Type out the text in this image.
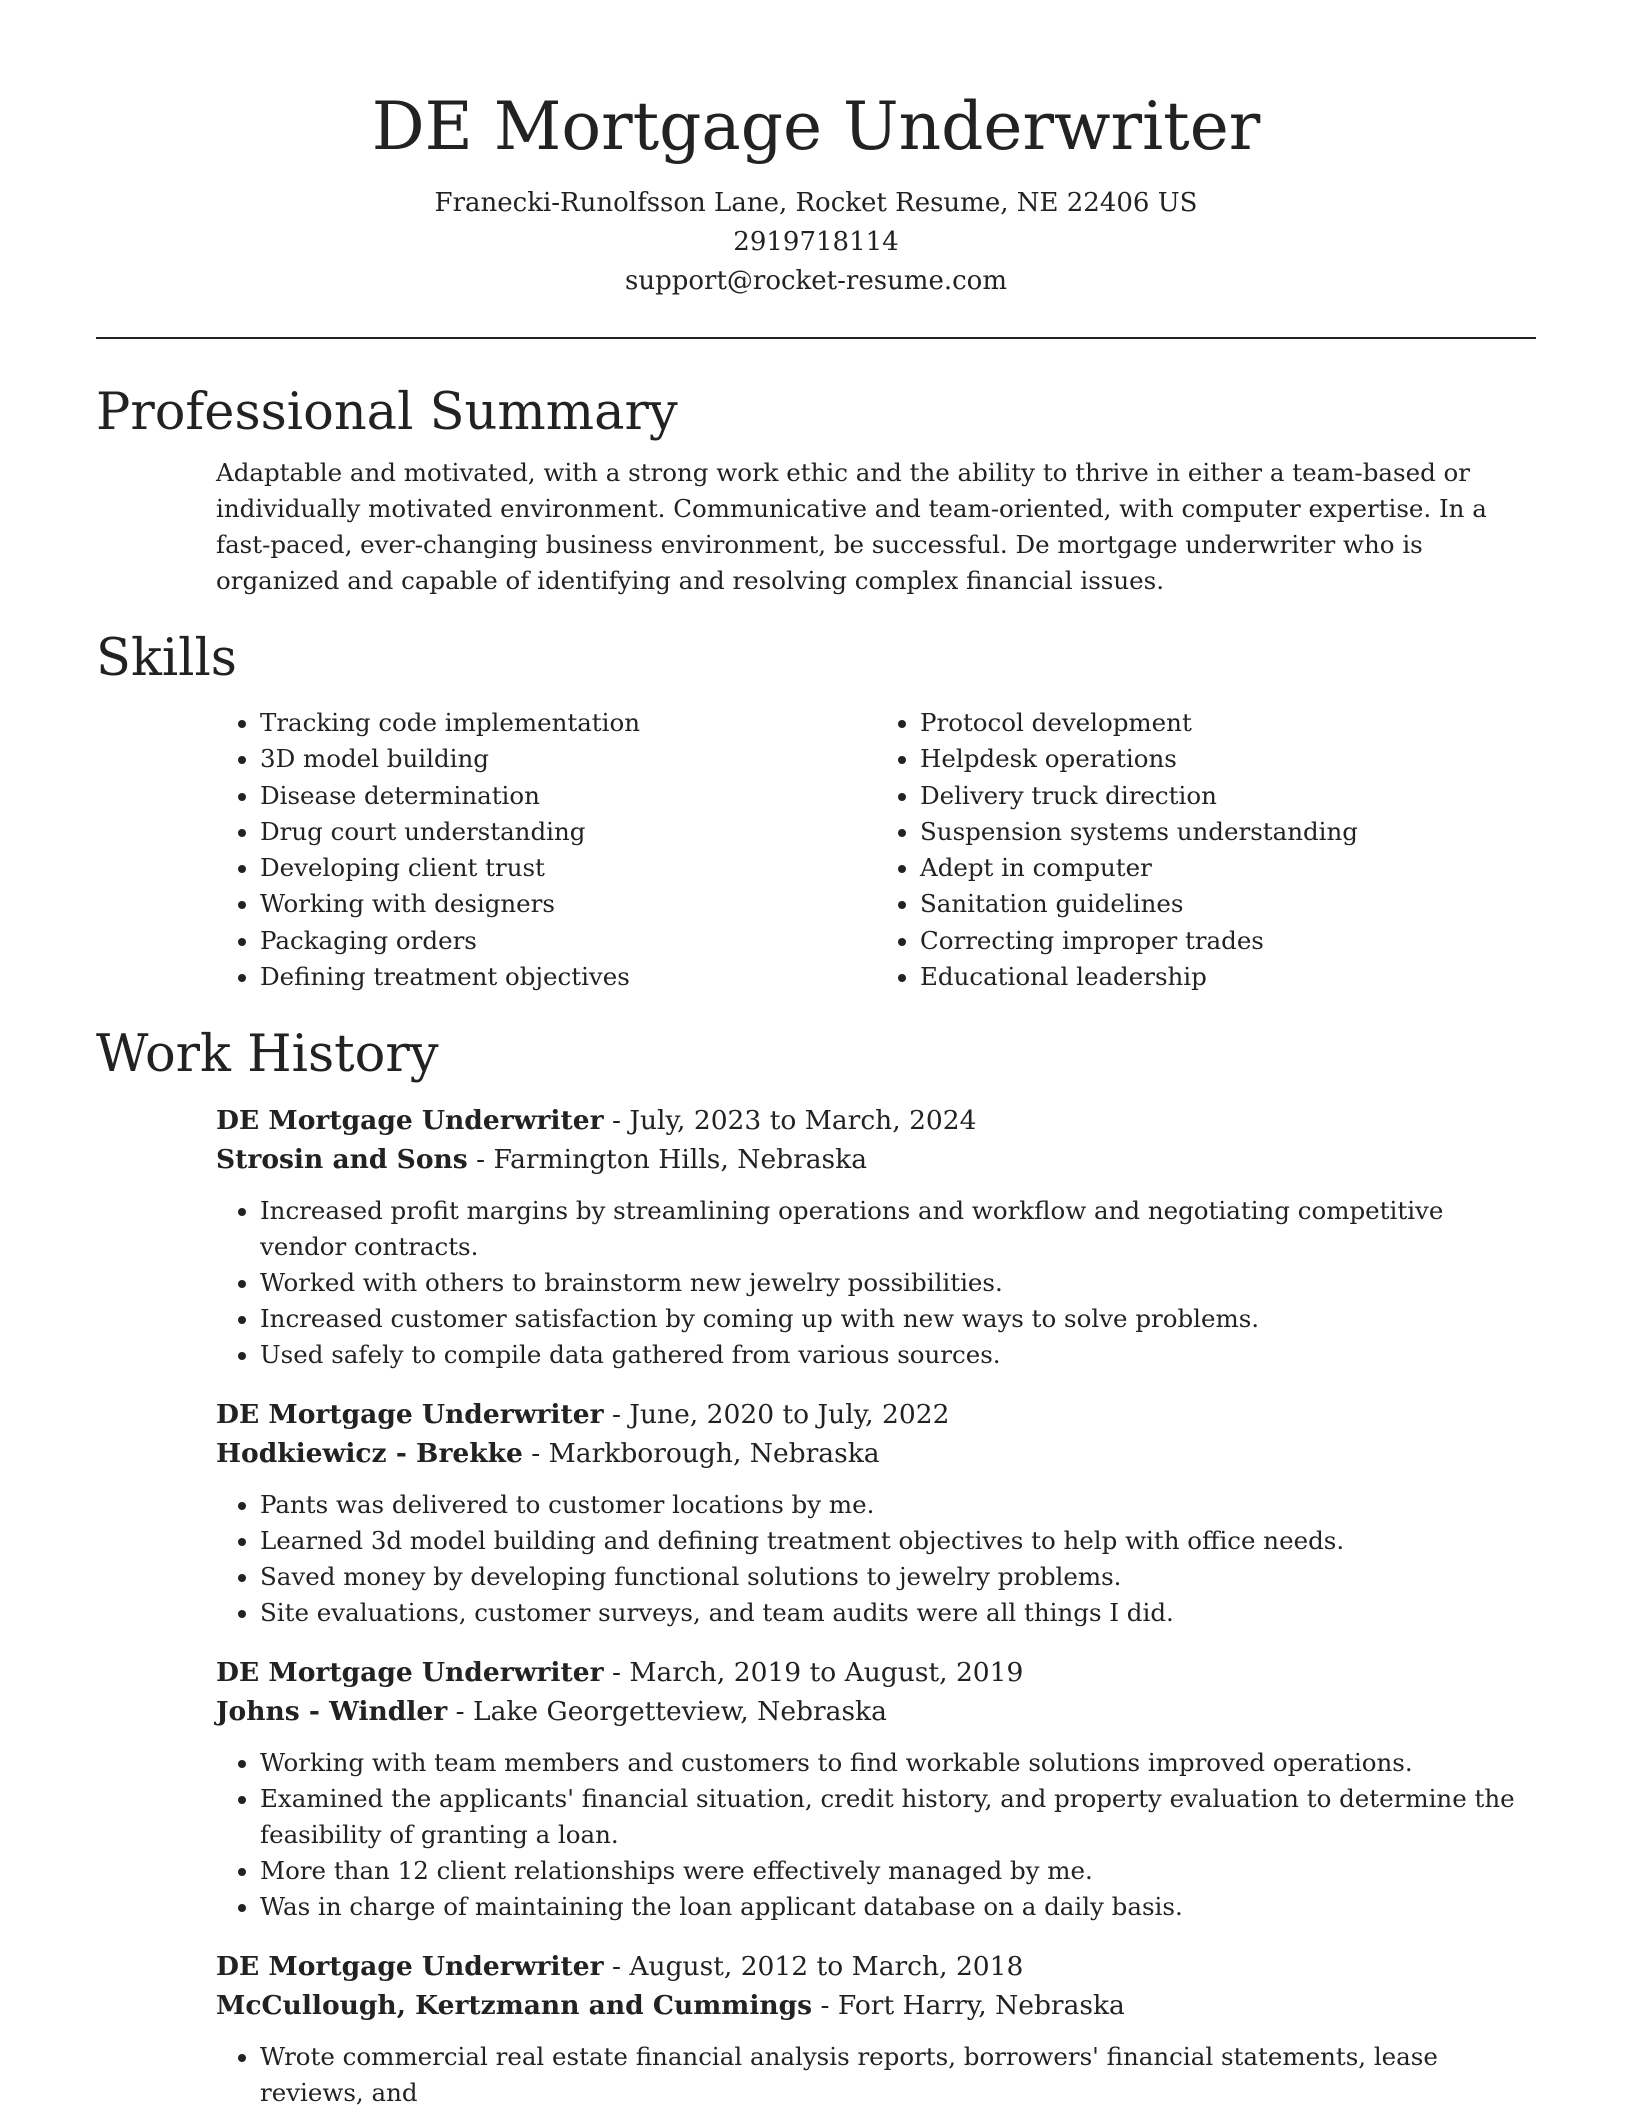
DE Mortgage Underwriter
Franecki-Runolfsson Lane, Rocket Resume, NE 22406 US
2919718114
support@rocket-resume.com
Professional Summary

Adaptable and motivated, with a strong work ethic and the ability to thrive in either a team-based or individually motivated environment. Communicative and team-oriented, with computer expertise. In a fast-paced, ever-changing business environment, be successful. De mortgage underwriter who is organized and capable of identifying and resolving complex financial issues.

Skills
• Tracking code implementation
• 3D model building
• Disease determination
• Drug court understanding
• Developing client trust
• Working with designers
• Packaging orders
• Defining treatment objectives
• Protocol development
• Helpdesk operations
• Delivery truck direction
• Suspension systems understanding
• Adept in computer
• Sanitation guidelines
• Correcting improper trades
• Educational leadership
Work History
DE Mortgage Underwriter - July, 2023 to March, 2024
Strosin and Sons - Farmington Hills, Nebraska
• Increased profit margins by streamlining operations and workflow and negotiating competitive vendor contracts.
• Worked with others to brainstorm new jewelry possibilities.
• Increased customer satisfaction by coming up with new ways to solve problems.
• Used safely to compile data gathered from various sources.
DE Mortgage Underwriter - June, 2020 to July, 2022
Hodkiewicz - Brekke - Markborough, Nebraska
• Pants was delivered to customer locations by me.
• Learned 3d model building and defining treatment objectives to help with office needs.
• Saved money by developing functional solutions to jewelry problems.
• Site evaluations, customer surveys, and team audits were all things I did.
DE Mortgage Underwriter - March, 2019 to August, 2019
Johns - Windler - Lake Georgetteview, Nebraska
• Working with team members and customers to find workable solutions improved operations.
• Examined the applicants' financial situation, credit history, and property evaluation to determine the feasibility of granting a loan.
• More than 12 client relationships were effectively managed by me.
• Was in charge of maintaining the loan applicant database on a daily basis.
DE Mortgage Underwriter - August, 2012 to March, 2018
McCullough, Kertzmann and Cummings - Fort Harry, Nebraska
• Wrote commercial real estate financial analysis reports, borrowers' financial statements, lease reviews, and
